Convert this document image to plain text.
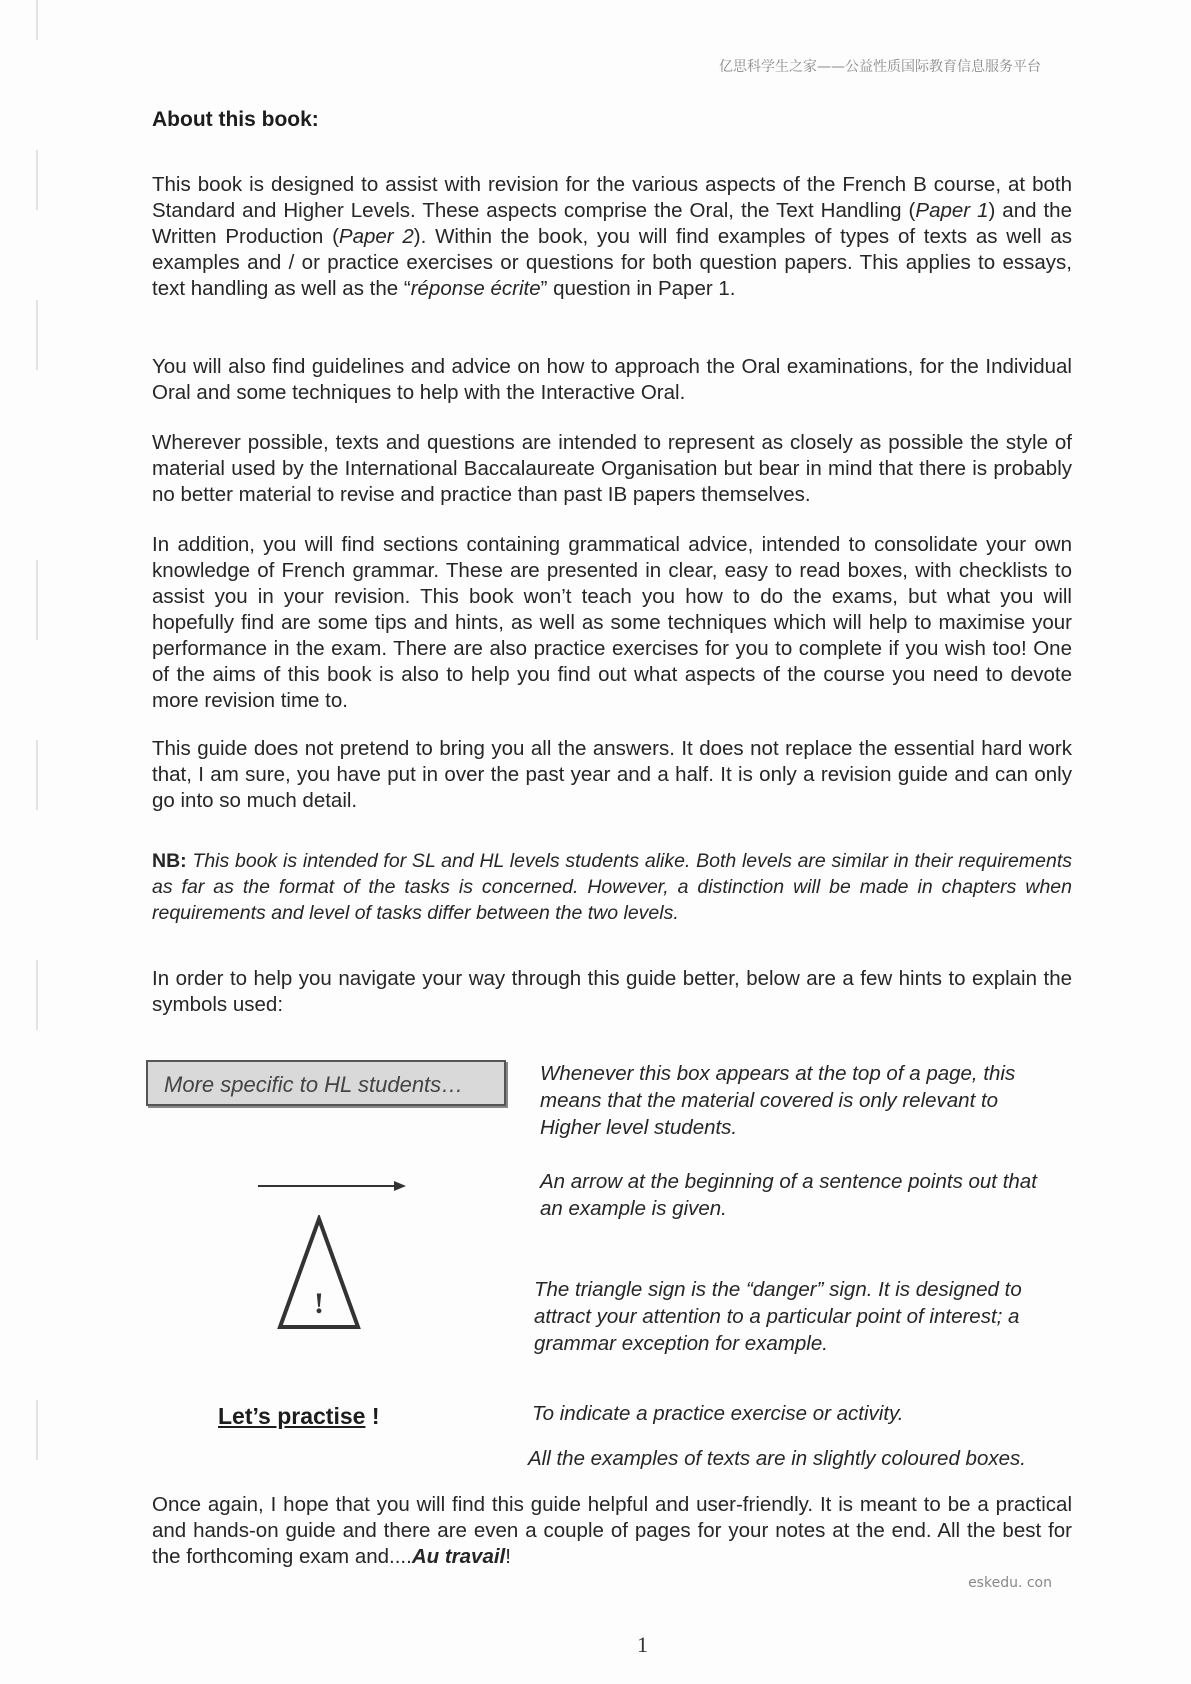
亿思科学生之家——公益性质国际教育信息服务平台
About this book:
This book is designed to assist with revision for the various aspects of the French B course, at both Standard and Higher Levels. These aspects comprise the Oral, the Text Handling (Paper 1) and the Written Production (Paper 2). Within the book, you will find examples of types of texts as well as examples and / or practice exercises or questions for both question papers. This applies to essays, text handling as well as the “réponse écrite” question in Paper 1.
You will also find guidelines and advice on how to approach the Oral examinations, for the Individual Oral and some techniques to help with the Interactive Oral.
Wherever possible, texts and questions are intended to represent as closely as possible the style of material used by the International Baccalaureate Organisation but bear in mind that there is probably no better material to revise and practice than past IB papers themselves.
In addition, you will find sections containing grammatical advice, intended to consolidate your own knowledge of French grammar. These are presented in clear, easy to read boxes, with checklists to assist you in your revision. This book won’t teach you how to do the exams, but what you will hopefully find are some tips and hints, as well as some techniques which will help to maximise your performance in the exam. There are also practice exercises for you to complete if you wish too! One of the aims of this book is also to help you find out what aspects of the course you need to devote more revision time to.
This guide does not pretend to bring you all the answers. It does not replace the essential hard work that, I am sure, you have put in over the past year and a half. It is only a revision guide and can only go into so much detail.
NB: This book is intended for SL and HL levels students alike. Both levels are similar in their requirements as far as the format of the tasks is concerned. However, a distinction will be made in chapters when requirements and level of tasks differ between the two levels.
In order to help you navigate your way through this guide better, below are a few hints to explain the symbols used:
More specific to HL students…	Whenever this box appears at the top of a page, this means that the material covered is only relevant to Higher level students.
An arrow at the beginning of a sentence points out that an example is given.
!	The triangle sign is the “danger” sign. It is designed to attract your attention to a particular point of interest; a grammar exception for example.
Let’s practise !	To indicate a practice exercise or activity.
All the examples of texts are in slightly coloured boxes.
Once again, I hope that you will find this guide helpful and user-friendly. It is meant to be a practical and hands-on guide and there are even a couple of pages for your notes at the end. All the best for the forthcoming exam and....Au travail!
eskedu. con
1
